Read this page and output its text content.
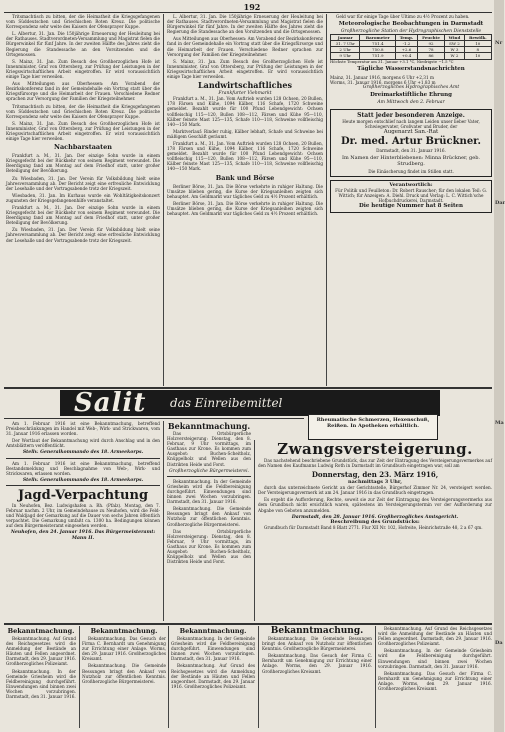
192

Tritsmachtisch zu bitten, der die Heimatheit die Kriegsgefangenen vom Süddeutschen und Griechischen Roten Kreuz. Die politische Korrespondenz sehr weite des Kaisers der Ofensprayer Kuppe.

L. Albertur, 31. Jan. Die 150jährige Erneuerung der Heuleitung bei der Rathauses. Stadtverordneten-Versammlung und Magistrat fielen die Bürgerwinkel für fünf Jahre. In der zweiten Hälfte des Jahres zieht die Regierung die Standessache an den Vorsitzenden und die Ortsgenossen.

S. Mainz, 31. Jan. Zum Besuch des Großherzoglichen Hofe ist Innenminister, Graf von Ottersberg, zur Prüfung der Leistungen in der Kriegswirtschaftlichen Arbeit eingetroffen. Er wird voraussichtlich einige Tage hier verweilen.

Aus Mitteilungen aus Oberhessen: Am Vorabend der Bezirkskonferenz fand in der Gemeindehalle ein Vortrag statt über die Kriegsfürsorge und die Heimarbeit der Frauen. Verschiedene Redner sprachen zur Versorgung der Familien der Kriegsteilnehmer.

Tritsmachtisch zu bitten, der die Heimatheit die Kriegsgefangenen vom Süddeutschen und Griechischen Roten Kreuz. Die politische Korrespondenz sehr weite des Kaisers der Ofensprayer Kuppe.

S. Mainz, 31. Jan. Zum Besuch des Großherzoglichen Hofe ist Innenminister, Graf von Ottersberg, zur Prüfung der Leistungen in der Kriegswirtschaftlichen Arbeit eingetroffen. Er wird voraussichtlich einige Tage hier verweilen.

Nachbarstaaten

Frankfurt a. M., 31. Jan. Der einzige Sohn wurde in einem Kriegsgefecht bei der Rückkehr von seinem Regiment verwundet. Die Beerdigung fand am Montag auf dem Friedhof statt, unter großer Beteiligung der Bevölkerung.

Zu Wiesbaden, 31. Jan. Der Verein für Volksbildung hielt seine Jahresversammlung ab. Der Bericht zeigt eine erfreuliche Entwicklung der Lesehalle und der Vortragsabende trotz der Kriegszeit.

Wiesbaden, 31. Jan. Im Kurhaus wurde ein Wohltätigkeitskonzert zugunsten der Kriegsgefangenenhilfe veranstaltet.

Frankfurt a. M., 31. Jan. Der einzige Sohn wurde in einem Kriegsgefecht bei der Rückkehr von seinem Regiment verwundet. Die Beerdigung fand am Montag auf dem Friedhof statt, unter großer Beteiligung der Bevölkerung.

Zu Wiesbaden, 31. Jan. Der Verein für Volksbildung hielt seine Jahresversammlung ab. Der Bericht zeigt eine erfreuliche Entwicklung der Lesehalle und der Vortragsabende trotz der Kriegszeit.

L. Albertur, 31. Jan. Die 150jährige Erneuerung der Heuleitung bei der Rathauses. Stadtverordneten-Versammlung und Magistrat fielen die Bürgerwinkel für fünf Jahre. In der zweiten Hälfte des Jahres zieht die Regierung die Standessache an den Vorsitzenden und die Ortsgenossen.

Aus Mitteilungen aus Oberhessen: Am Vorabend der Bezirkskonferenz fand in der Gemeindehalle ein Vortrag statt über die Kriegsfürsorge und die Heimarbeit der Frauen. Verschiedene Redner sprachen zur Versorgung der Familien der Kriegsteilnehmer.

S. Mainz, 31. Jan. Zum Besuch des Großherzoglichen Hofe ist Innenminister, Graf von Ottersberg, zur Prüfung der Leistungen in der Kriegswirtschaftlichen Arbeit eingetroffen. Er wird voraussichtlich einige Tage hier verweilen.

Landwirtschaftliches
Frankfurter Viehmarkt

Frankfurt a. M., 31. Jan. Vom Auftrieb wurden 128 Ochsen, 20 Bullen, 178 Färsen und Kühe, 1094 Kälber, 116 Schafe, 1720 Schweine gemeldet. Bezahlt wurde für 100 Pfund Lebendgewicht: Ochsen vollfleischig 115—120, Bullen 108—112, Färsen und Kühe 95—110, Kälber feinste Mast 125—135, Schafe 110—118, Schweine vollfleischig 140—150 Mark.

Marktverlauf: Rinder ruhig, Kälber lebhaft, Schafe und Schweine bei mäßigem Geschäft geräumt.

Frankfurt a. M., 31. Jan. Vom Auftrieb wurden 128 Ochsen, 20 Bullen, 178 Färsen und Kühe, 1094 Kälber, 116 Schafe, 1720 Schweine gemeldet. Bezahlt wurde für 100 Pfund Lebendgewicht: Ochsen vollfleischig 115—120, Bullen 108—112, Färsen und Kühe 95—110, Kälber feinste Mast 125—135, Schafe 110—118, Schweine vollfleischig 140—150 Mark.

Bank und Börse

Berliner Börse, 31. Jan. Die Börse verkehrte in ruhiger Haltung. Die Umsätze blieben gering, die Kurse der Kriegsanleihen zeigten sich behauptet. Am Geldmarkt war tägliches Geld zu 4½ Prozent erhältlich.

Berliner Börse, 31. Jan. Die Börse verkehrte in ruhiger Haltung. Die Umsätze blieben gering, die Kurse der Kriegsanleihen zeigten sich behauptet. Am Geldmarkt war tägliches Geld zu 4½ Prozent erhältlich.

Geld war für einige Tage über Ultimo zu 4½ Prozent zu haben.

Meteorologische Beobachtungen in Darmstadt
Großherzogliche Station der Hydrographischen Dienststelle
Januar	Barometer	Temp.	Feuchte	Wind	Bewölk.
31. 7 Uhr	751.4	-1.2	92	SW 2	10
2 Uhr	750.8	+2.6	78	W 3	8
9 Uhr	751.9	+0.4	86	W 2	10
Höchste Temperatur am 31. Januar +3.1 °C, Niedrigste −1.5 °C
Tägliche Wasserstandsnachrichten
Mainz, 31. Januar 1916, morgens 6 Uhr +2,31 m
Worms, 31. Januar 1916, morgens 6 Uhr +1,83 m
Großherzogliches Hydrographisches Amt
Dreimarkstiftliche Ehrung
Am Mittwoch den 2. Februar
Statt jeder besonderen Anzeige.
Heute morgen entschlief nach langem Leiden unser lieber Vater, Schwiegervater, Großvater und Bruder, der
Augenarzt San.-Rat
Dr. med. Artur Brückner.
Darmstadt, den 31. Januar 1916.
Im Namen der Hinterbliebenen: Minna Brückner, geb. Strudberg.
Die Einäscherung findet im Stillen statt.
Verantwortlich:
Für Politik und Feuilleton: Dr. Robert Rauscher; für den lokalen Teil: G. Wittich; für Anzeigen: A. Diehl. Druck und Verlag: L. C. Wittich'sche Hofbuchdruckerei, Darmstadt.
Die heutige Nummer hat 8 Seiten
Salit das Einreibemittel
Rheumatische Schmerzen, Hexenschuß, Reißen. In Apotheken erhältlich.

Am 1. Februar 1916 ist eine Bekanntmachung, betreffend Preisbeschränkungen im Handel mit Web-, Wirk- und Strickwaren, vom 31. Januar 1916 erlassen worden.

Der Wortlaut der Bekanntmachung wird durch Anschlag und in den Amtsblättern veröffentlicht.

Stellv. Generalkommando des 18. Armeekorps.

Am 1. Februar 1916 ist eine Bekanntmachung, betreffend Bestandsmeldung und Beschlagnahme von Web-, Wirk- und Strickwaren, erlassen worden.

Stellv. Generalkommando des 18. Armeekorps.
Jagd-Verpachtung

In Neuhofen, Bez. Ludwigshafen a. Rh. (Pfalz). Montag, den 7. Februar nachm. 2 Uhr, im Gemeindehause zu Neuhofen, wird die Feld- und Waldjagd der Gemarkung auf die Dauer von sechs Jahren öffentlich verpachtet. Die Gemarkung umfaßt ca. 1300 ha. Bedingungen können auf dem Bürgermeisteramt eingesehen werden.

Neuhofen, den 24. Januar 1916. Das Bürgermeisteramt: Mann II.
Bekanntmachung.

Das Ortsbürgerliche Holzversteigerung: Dienstag, den 8. Februar, 9 Uhr vormittags, im Gasthaus zur Krone. Es kommen zum Ausgebot: Buchen-Scheitholz, Knüppelholz und Wellen aus den Distrikten Heide und Forst.

Großherzogliche Bürgermeisterei.

Bekanntmachung. In der Gemeinde Griesheim wird die Feldbereinigung durchgeführt. Einwendungen sind binnen zwei Wochen vorzubringen. Darmstadt, den 31. Januar 1916.

Bekanntmachung. Die Gemeinde Bessungen bringt den Ankauf von Nutzholz zur öffentlichen Kenntnis. Großherzogliche Bürgermeisterei.

Das Ortsbürgerliche Holzversteigerung: Dienstag, den 8. Februar, 9 Uhr vormittags, im Gasthaus zur Krone. Es kommen zum Ausgebot: Buchen-Scheitholz, Knüppelholz und Wellen aus den Distrikten Heide und Forst.

Zwangsversteigerung.

Das nachstehend beschriebene Grundstück, das zur Zeit der Eintragung des Versteigerungsvermerkes auf den Namen des Kaufmanns Ludwig Roth in Darmstadt im Grundbuch eingetragen war, soll am

Donnerstag, den 23. März 1916,
nachmittags 3 Uhr,

durch das unterzeichnete Gericht an der Gerichtsstelle, Bürgerhof Zimmer Nr. 24, versteigert werden. Der Versteigerungsvermerk ist am 24. Januar 1916 in das Grundbuch eingetragen.

Es ergeht die Aufforderung, Rechte, soweit sie zur Zeit der Eintragung des Versteigerungsvermerks aus dem Grundbuch nicht ersichtlich waren, spätestens im Versteigerungstermin vor der Aufforderung zur Abgabe von Geboten anzumelden.

Darmstadt, den 28. Januar 1916. Großherzogliches Amtsgericht.
Beschreibung des Grundstücks:

Grundbuch für Darmstadt Band 8 Blatt 2771. Flur XII Nr. 102, Hofreite, Heinrichstraße 48, 2 a 67 qm.

Bekanntmachung.

Bekanntmachung. Auf Grund des Reichsgesetzes wird die Anmeldung der Bestände an Häuten und Fellen angeordnet. Darmstadt, den 29. Januar 1916. Großherzogliches Polizeiamt.

Bekanntmachung. In der Gemeinde Griesheim wird die Feldbereinigung durchgeführt. Einwendungen sind binnen zwei Wochen vorzubringen. Darmstadt, den 31. Januar 1916.

Bekanntmachung.

Bekanntmachung. Das Gesuch der Firma C. Bernhardt um Genehmigung zur Errichtung einer Anlage. Worms, den 29. Januar 1916. Großherzogliches Kreisamt.

Bekanntmachung. Die Gemeinde Bessungen bringt den Ankauf von Nutzholz zur öffentlichen Kenntnis. Großherzogliche Bürgermeisterei.

Bekanntmachung.

Bekanntmachung. In der Gemeinde Griesheim wird die Feldbereinigung durchgeführt. Einwendungen sind binnen zwei Wochen vorzubringen. Darmstadt, den 31. Januar 1916.

Bekanntmachung. Auf Grund des Reichsgesetzes wird die Anmeldung der Bestände an Häuten und Fellen angeordnet. Darmstadt, den 29. Januar 1916. Großherzogliches Polizeiamt.

Bekanntmachung.

Bekanntmachung. Die Gemeinde Bessungen bringt den Ankauf von Nutzholz zur öffentlichen Kenntnis. Großherzogliche Bürgermeisterei.

Bekanntmachung. Das Gesuch der Firma C. Bernhardt um Genehmigung zur Errichtung einer Anlage. Worms, den 29. Januar 1916. Großherzogliches Kreisamt.

Bekanntmachung. Auf Grund des Reichsgesetzes wird die Anmeldung der Bestände an Häuten und Fellen angeordnet. Darmstadt, den 29. Januar 1916. Großherzogliches Polizeiamt.

Bekanntmachung. In der Gemeinde Griesheim wird die Feldbereinigung durchgeführt. Einwendungen sind binnen zwei Wochen vorzubringen. Darmstadt, den 31. Januar 1916.

Bekanntmachung. Das Gesuch der Firma C. Bernhardt um Genehmigung zur Errichtung einer Anlage. Worms, den 29. Januar 1916. Großherzogliches Kreisamt.

Nr
Dar
Ma
Da
